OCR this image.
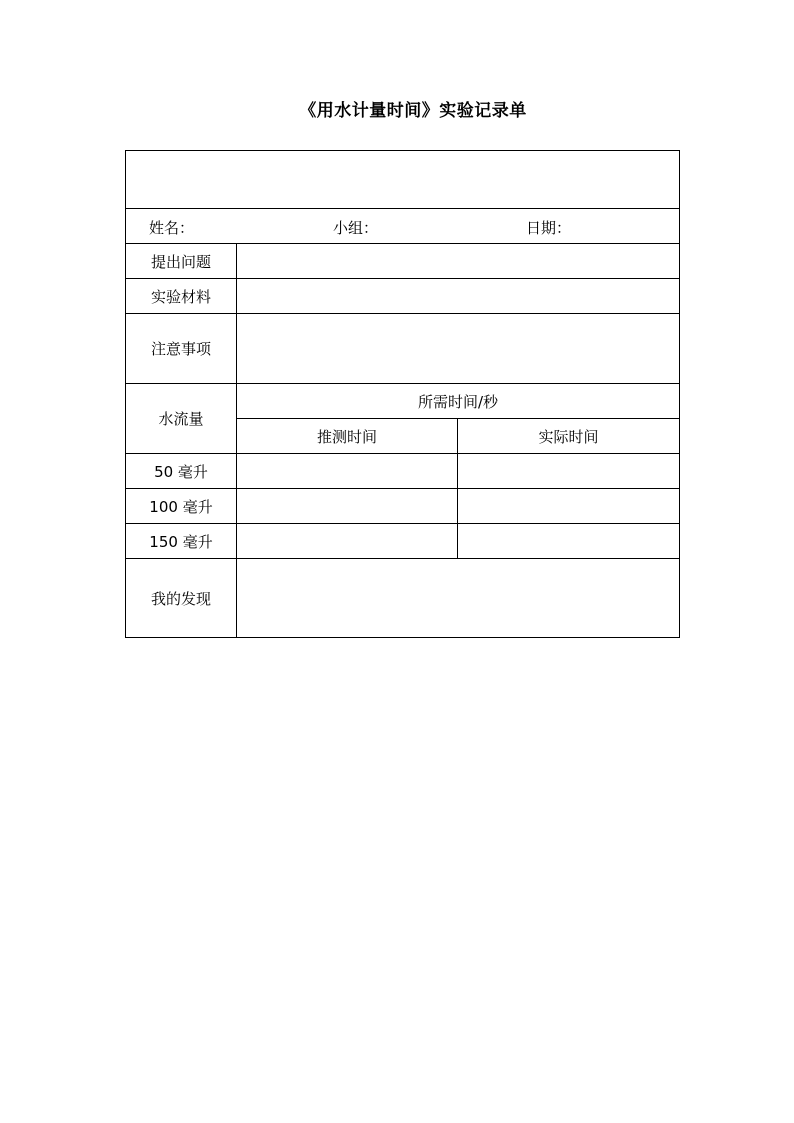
《用水计量时间》实验记录单

姓名： 小组： 日期：		

提出问题		
实验材料		
注意事项		
水流量	所需时间/秒	
	推测时间	实际时间
50 毫升		
100 毫升		
150 毫升		
我的发现		
